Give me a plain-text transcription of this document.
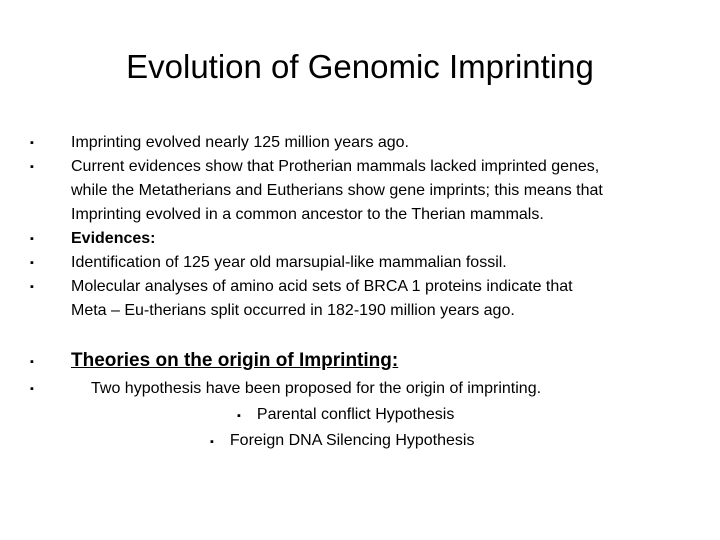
Evolution of Genomic Imprinting
▪
▪
▪
▪
▪
▪
▪
Imprinting evolved nearly 125 million years ago.
Current evidences show that Protherian mammals lacked imprinted genes,
while the Metatherians and Eutherians show gene imprints; this means that
Imprinting evolved in a common ancestor to the Therian mammals.
Evidences:
Identification of 125 year old marsupial-like mammalian fossil.
Molecular analyses of amino acid sets of BRCA 1 proteins indicate that
Meta – Eu-therians split occurred in 182-190 million years ago.
Theories on the origin of Imprinting:
Two hypothesis have been proposed for the origin of imprinting.
▪ Parental conflict Hypothesis
▪ Foreign DNA Silencing Hypothesis
